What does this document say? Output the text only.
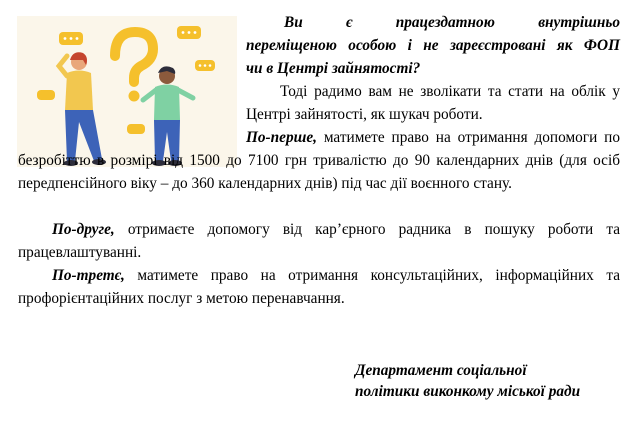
Ви є працездатною внутрішньо
переміщеною особою і не зареєстровані як ФОП
чи в Центрі зайнятості?

Тоді радимо вам не зволікати та стати на облік у Центрі зайнятості, як шукач роботи.

По-перше, матимете право на отримання допомоги по безробіттю в розмірі від 1500 до 7100 грн тривалістю до 90 календарних днів (для осіб передпенсійного віку – до 360 календарних днів) під час дії воєнного стану.

По-друге, отримаєте допомогу від кар’єрного радника в пошуку роботи та працевлаштуванні.

По-третє, матимете право на отримання консультаційних, інформаційних та профорієнтаційних послуг з метою перенавчання.

Департамент соціальної
політики виконкому міської ради
